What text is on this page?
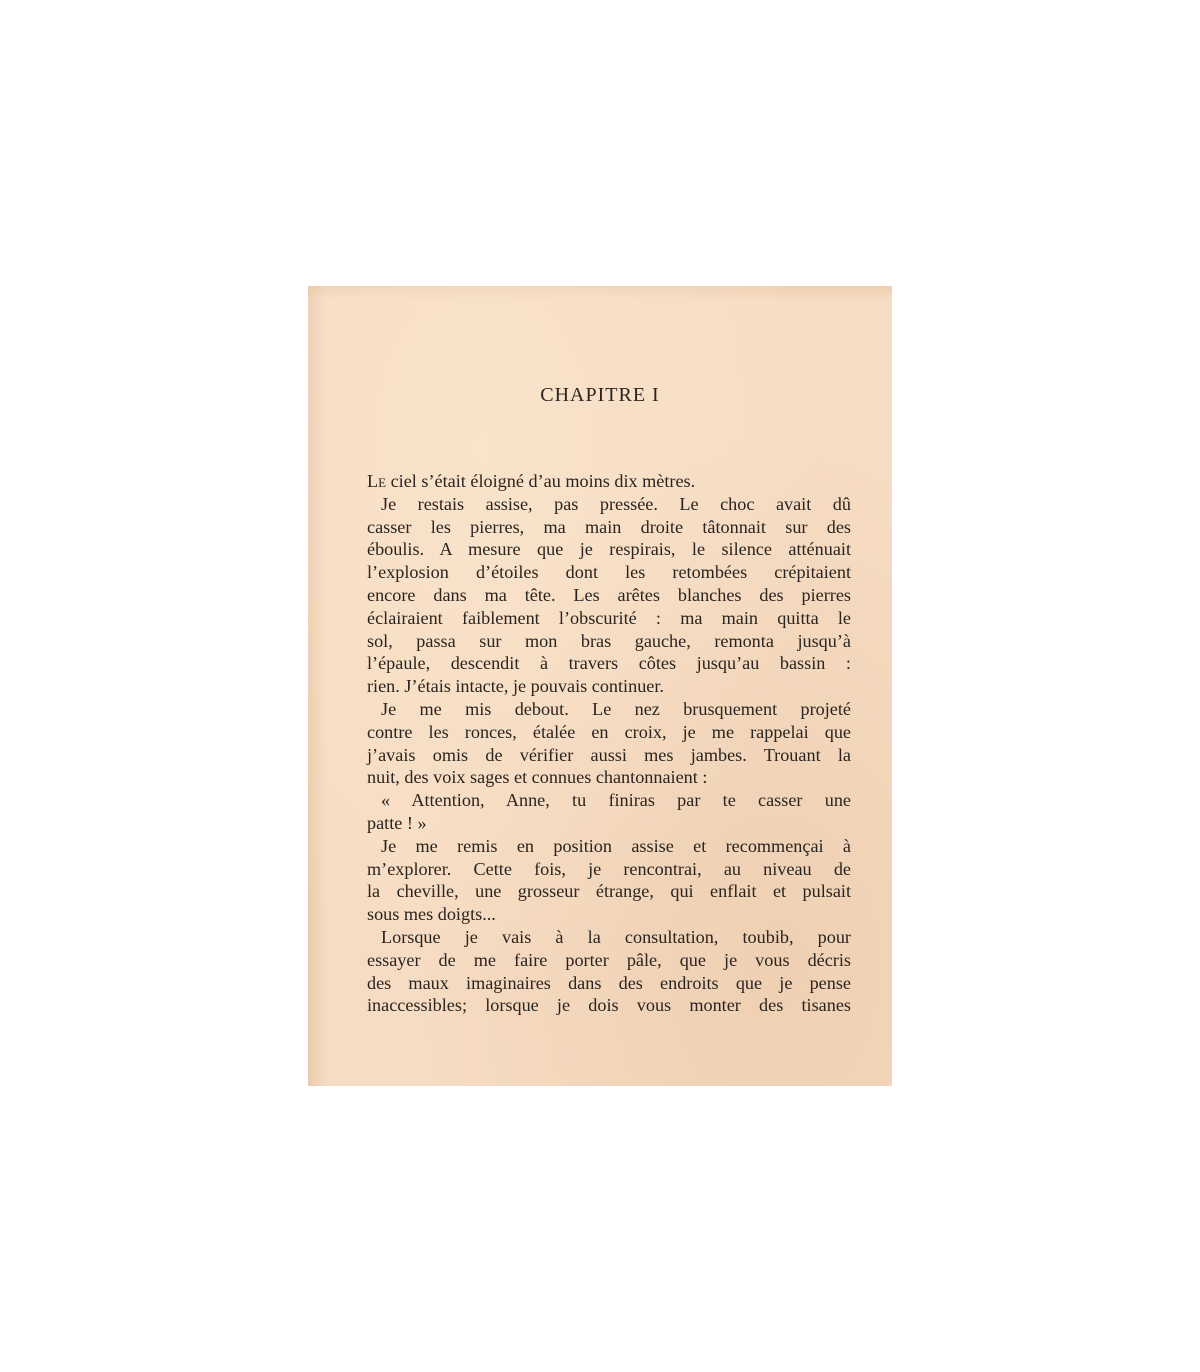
CHAPITRE I
Le ciel s’était éloigné d’au moins dix mètres.
Je restais assise, pas pressée. Le choc avait dû
casser les pierres, ma main droite tâtonnait sur des
éboulis. A mesure que je respirais, le silence atténuait
l’explosion d’étoiles dont les retombées crépitaient
encore dans ma tête. Les arêtes blanches des pierres
éclairaient faiblement l’obscurité : ma main quitta le
sol, passa sur mon bras gauche, remonta jusqu’à
l’épaule, descendit à travers côtes jusqu’au bassin :
rien. J’étais intacte, je pouvais continuer.
Je me mis debout. Le nez brusquement projeté
contre les ronces, étalée en croix, je me rappelai que
j’avais omis de vérifier aussi mes jambes. Trouant la
nuit, des voix sages et connues chantonnaient :
« Attention, Anne, tu finiras par te casser une
patte ! »
Je me remis en position assise et recommençai à
m’explorer. Cette fois, je rencontrai, au niveau de
la cheville, une grosseur étrange, qui enflait et pulsait
sous mes doigts...
Lorsque je vais à la consultation, toubib, pour
essayer de me faire porter pâle, que je vous décris
des maux imaginaires dans des endroits que je pense
inaccessibles; lorsque je dois vous monter des tisanes
